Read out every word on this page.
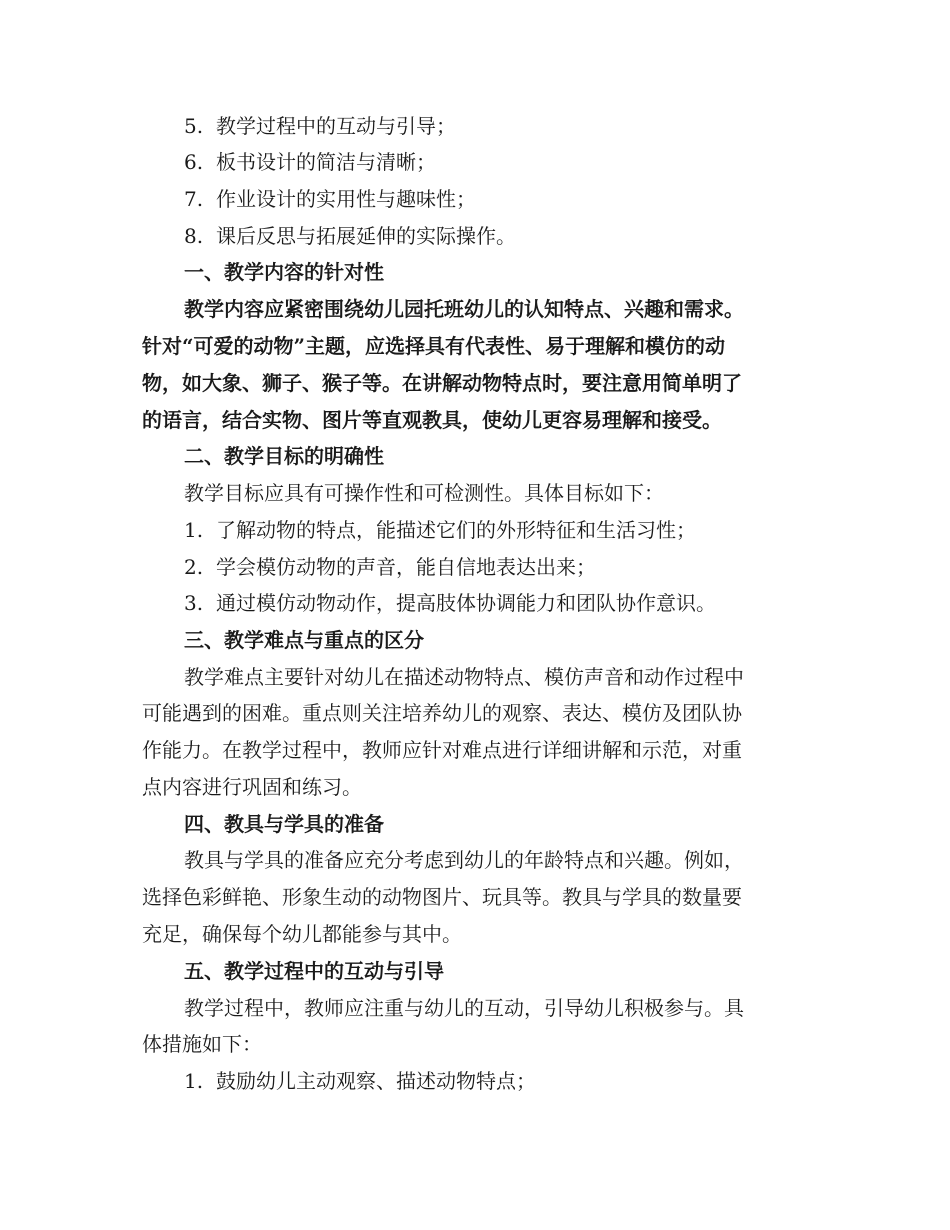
5. 教学过程中的互动与引导；
6. 板书设计的简洁与清晰；
7. 作业设计的实用性与趣味性；
8. 课后反思与拓展延伸的实际操作。
一、教学内容的针对性
教学内容应紧密围绕幼儿园托班幼儿的认知特点、兴趣和需求。
针对“可爱的动物”主题，应选择具有代表性、易于理解和模仿的动
物，如大象、狮子、猴子等。在讲解动物特点时，要注意用简单明了
的语言，结合实物、图片等直观教具，使幼儿更容易理解和接受。
二、教学目标的明确性
教学目标应具有可操作性和可检测性。具体目标如下：
1. 了解动物的特点，能描述它们的外形特征和生活习性；
2. 学会模仿动物的声音，能自信地表达出来；
3. 通过模仿动物动作，提高肢体协调能力和团队协作意识。
三、教学难点与重点的区分
教学难点主要针对幼儿在描述动物特点、模仿声音和动作过程中
可能遇到的困难。重点则关注培养幼儿的观察、表达、模仿及团队协
作能力。在教学过程中，教师应针对难点进行详细讲解和示范，对重
点内容进行巩固和练习。
四、教具与学具的准备
教具与学具的准备应充分考虑到幼儿的年龄特点和兴趣。例如，
选择色彩鲜艳、形象生动的动物图片、玩具等。教具与学具的数量要
充足，确保每个幼儿都能参与其中。
五、教学过程中的互动与引导
教学过程中，教师应注重与幼儿的互动，引导幼儿积极参与。具
体措施如下：
1. 鼓励幼儿主动观察、描述动物特点；
